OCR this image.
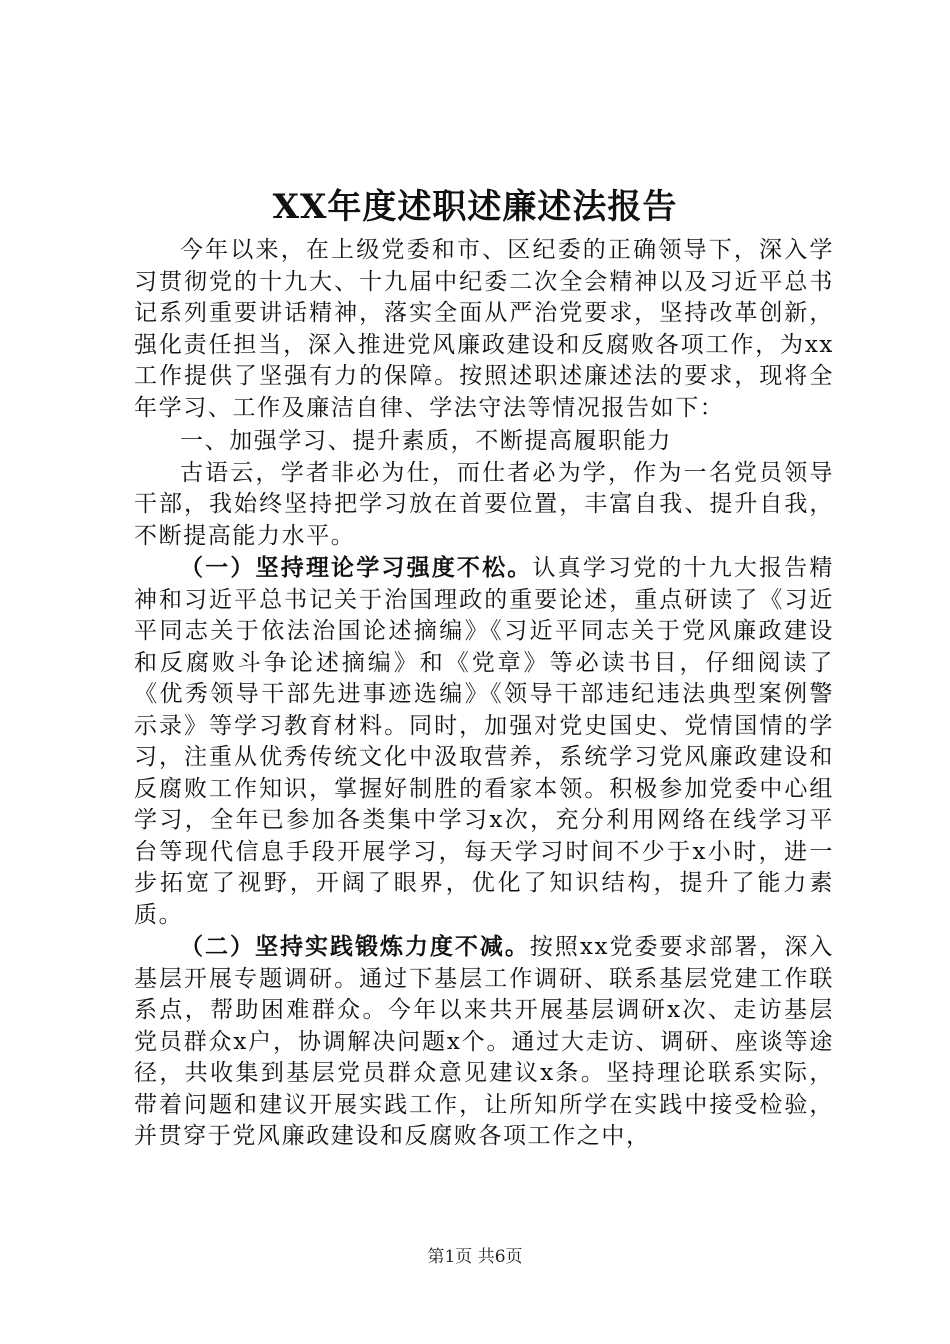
XX年度述职述廉述法报告

今年以来，在上级党委和市、区纪委的正确领导下，深入学习贯彻党的十九大、十九届中纪委二次全会精神以及习近平总书记系列重要讲话精神，落实全面从严治党要求，坚持改革创新，强化责任担当，深入推进党风廉政建设和反腐败各项工作，为xx工作提供了坚强有力的保障。按照述职述廉述法的要求，现将全年学习、工作及廉洁自律、学法守法等情况报告如下：

一、加强学习、提升素质，不断提高履职能力

古语云，学者非必为仕，而仕者必为学，作为一名党员领导干部，我始终坚持把学习放在首要位置，丰富自我、提升自我，不断提高能力水平。

（一）坚持理论学习强度不松。认真学习党的十九大报告精神和习近平总书记关于治国理政的重要论述，重点研读了《习近平同志关于依法治国论述摘编》《习近平同志关于党风廉政建设和反腐败斗争论述摘编》和《党章》等必读书目，仔细阅读了《优秀领导干部先进事迹选编》《领导干部违纪违法典型案例警示录》等学习教育材料。同时，加强对党史国史、党情国情的学习，注重从优秀传统文化中汲取营养，系统学习党风廉政建设和反腐败工作知识，掌握好制胜的看家本领。积极参加党委中心组学习，全年已参加各类集中学习x次，充分利用网络在线学习平台等现代信息手段开展学习，每天学习时间不少于x小时，进一步拓宽了视野，开阔了眼界，优化了知识结构，提升了能力素质。

（二）坚持实践锻炼力度不减。按照xx党委要求部署，深入基层开展专题调研。通过下基层工作调研、联系基层党建工作联系点，帮助困难群众。今年以来共开展基层调研x次、走访基层党员群众x户，协调解决问题x个。通过大走访、调研、座谈等途径，共收集到基层党员群众意见建议x条。坚持理论联系实际，带着问题和建议开展实践工作，让所知所学在实践中接受检验，并贯穿于党风廉政建设和反腐败各项工作之中，

第1页 共6页
